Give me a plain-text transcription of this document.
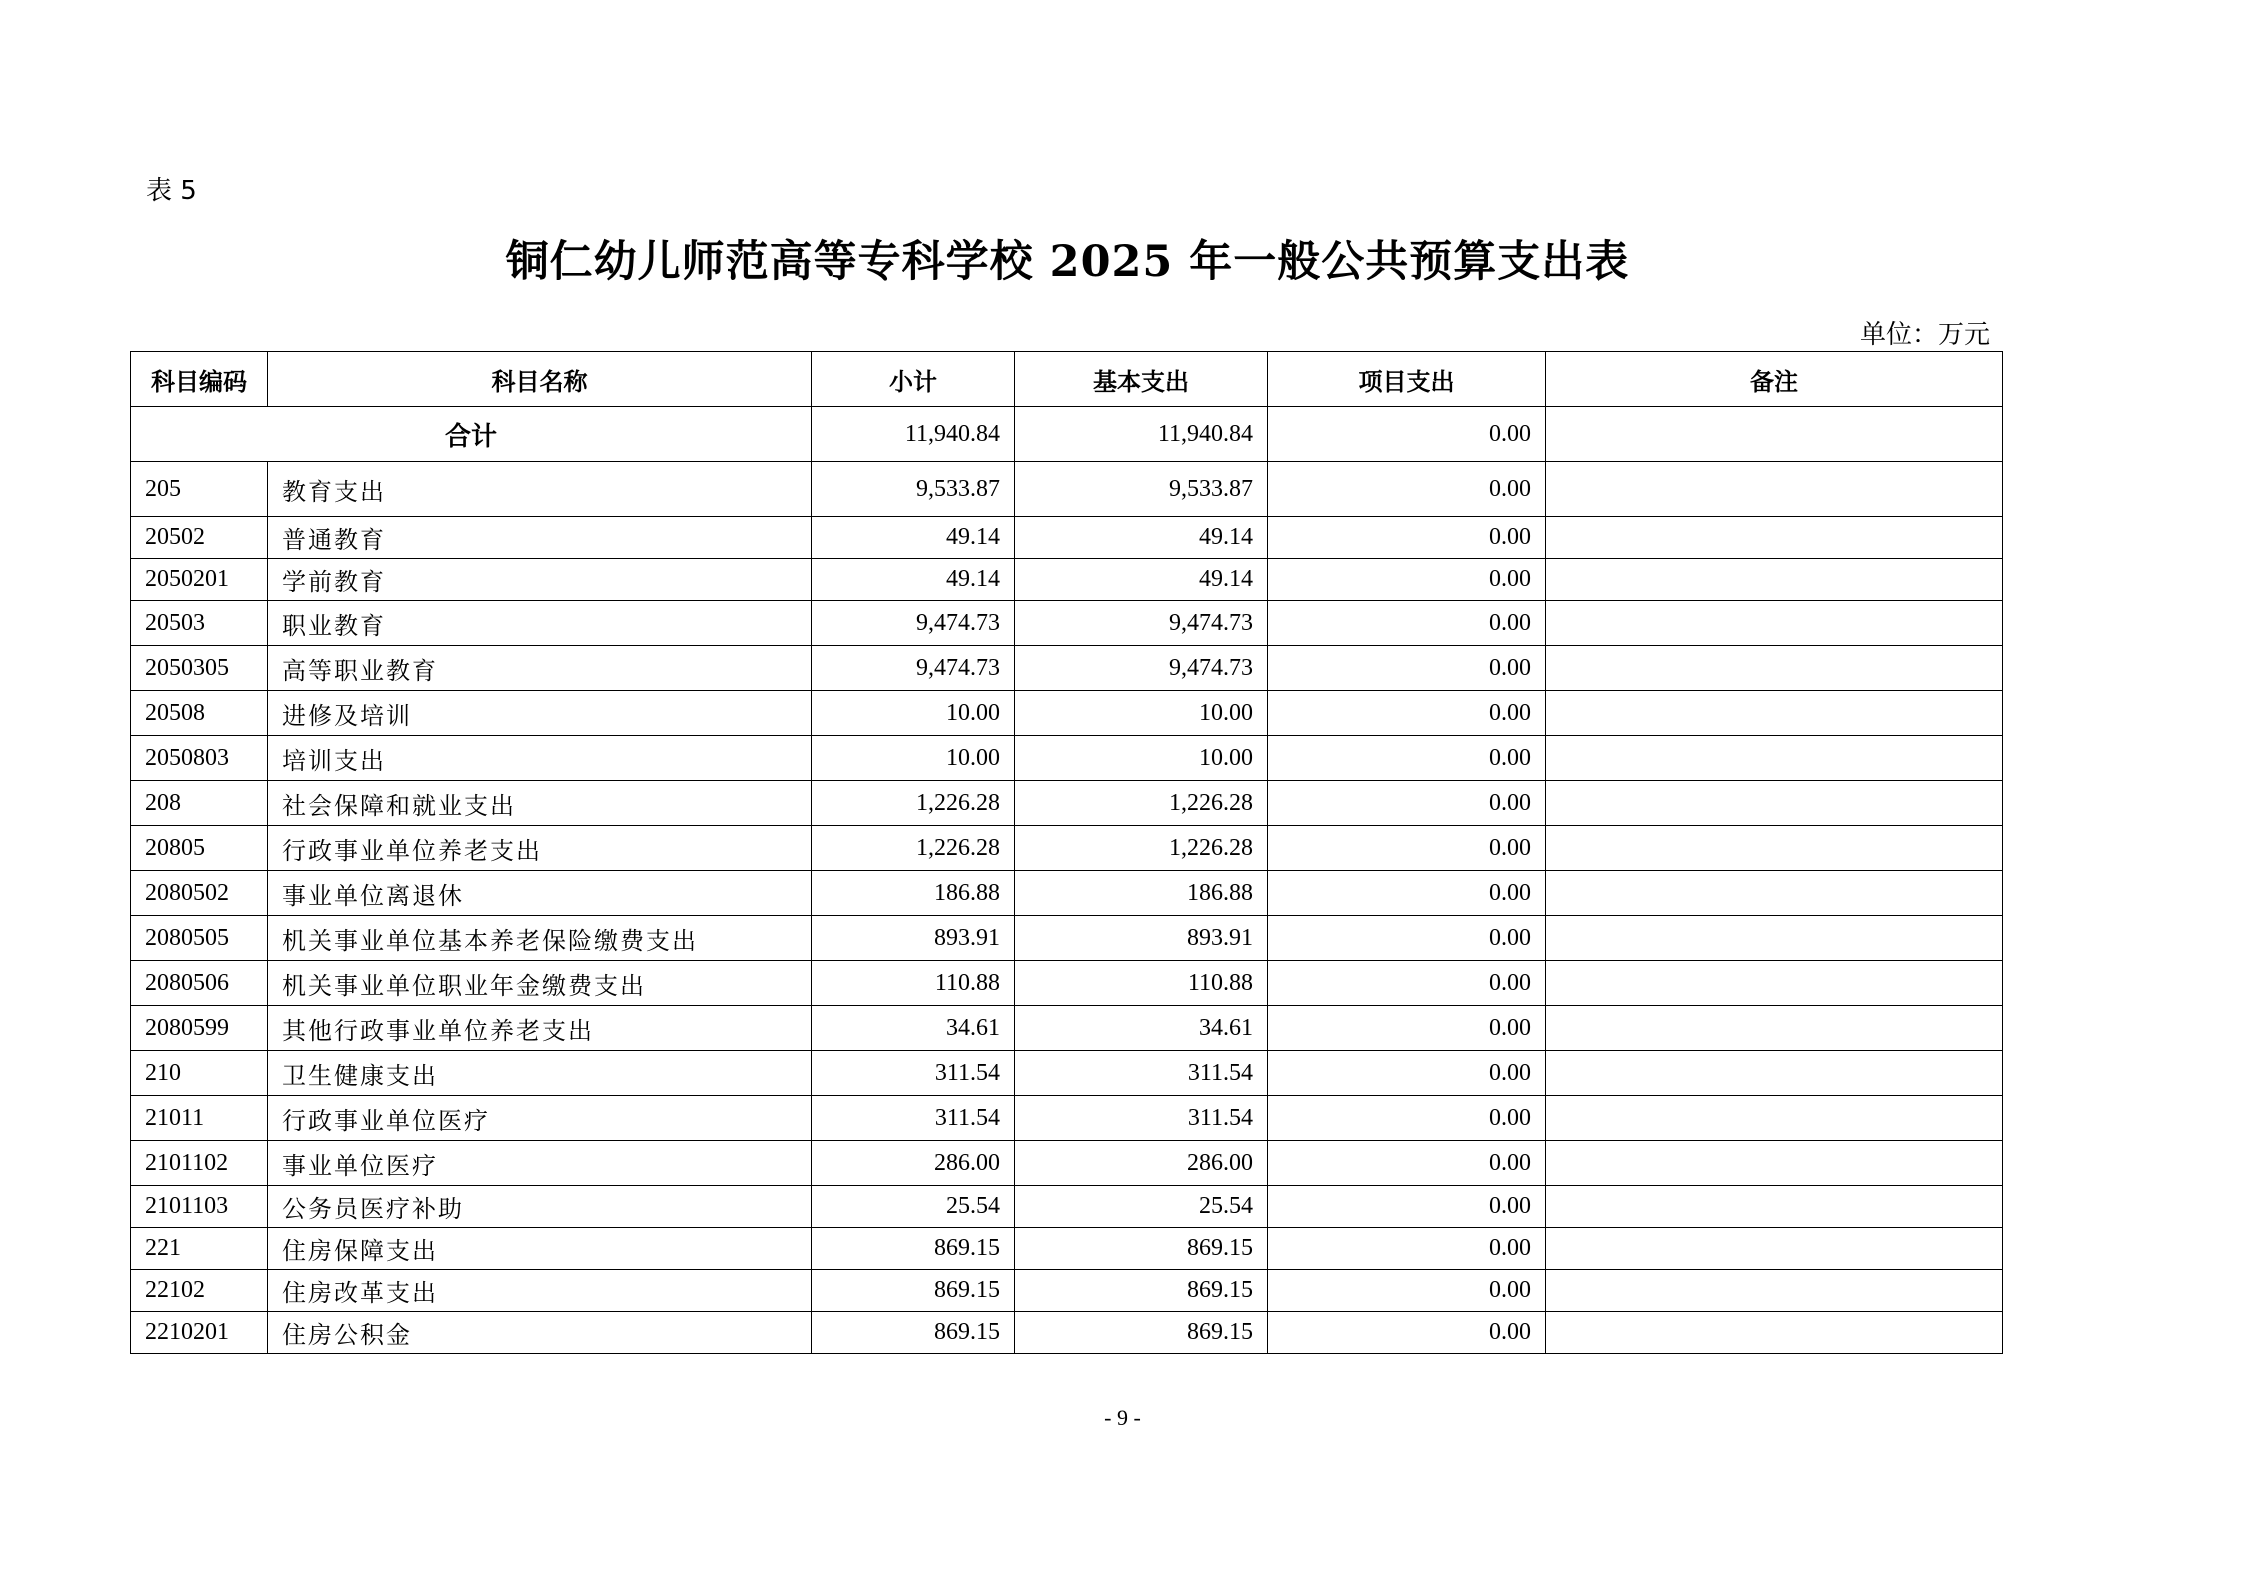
表 5
铜仁幼儿师范高等专科学校 2025 年一般公共预算支出表
单位：万元
科目编码	科目名称	小计	基本支出	项目支出	备注
合计		11,940.84	11,940.84	0.00	
205	教育支出	9,533.87	9,533.87	0.00	
20502	普通教育	49.14	49.14	0.00	
2050201	学前教育	49.14	49.14	0.00	
20503	职业教育	9,474.73	9,474.73	0.00	
2050305	高等职业教育	9,474.73	9,474.73	0.00	
20508	进修及培训	10.00	10.00	0.00	
2050803	培训支出	10.00	10.00	0.00	
208	社会保障和就业支出	1,226.28	1,226.28	0.00	
20805	行政事业单位养老支出	1,226.28	1,226.28	0.00	
2080502	事业单位离退休	186.88	186.88	0.00	
2080505	机关事业单位基本养老保险缴费支出	893.91	893.91	0.00	
2080506	机关事业单位职业年金缴费支出	110.88	110.88	0.00	
2080599	其他行政事业单位养老支出	34.61	34.61	0.00	
210	卫生健康支出	311.54	311.54	0.00	
21011	行政事业单位医疗	311.54	311.54	0.00	
2101102	事业单位医疗	286.00	286.00	0.00	
2101103	公务员医疗补助	25.54	25.54	0.00	
221	住房保障支出	869.15	869.15	0.00	
22102	住房改革支出	869.15	869.15	0.00	
2210201	住房公积金	869.15	869.15	0.00	
- 9 -
